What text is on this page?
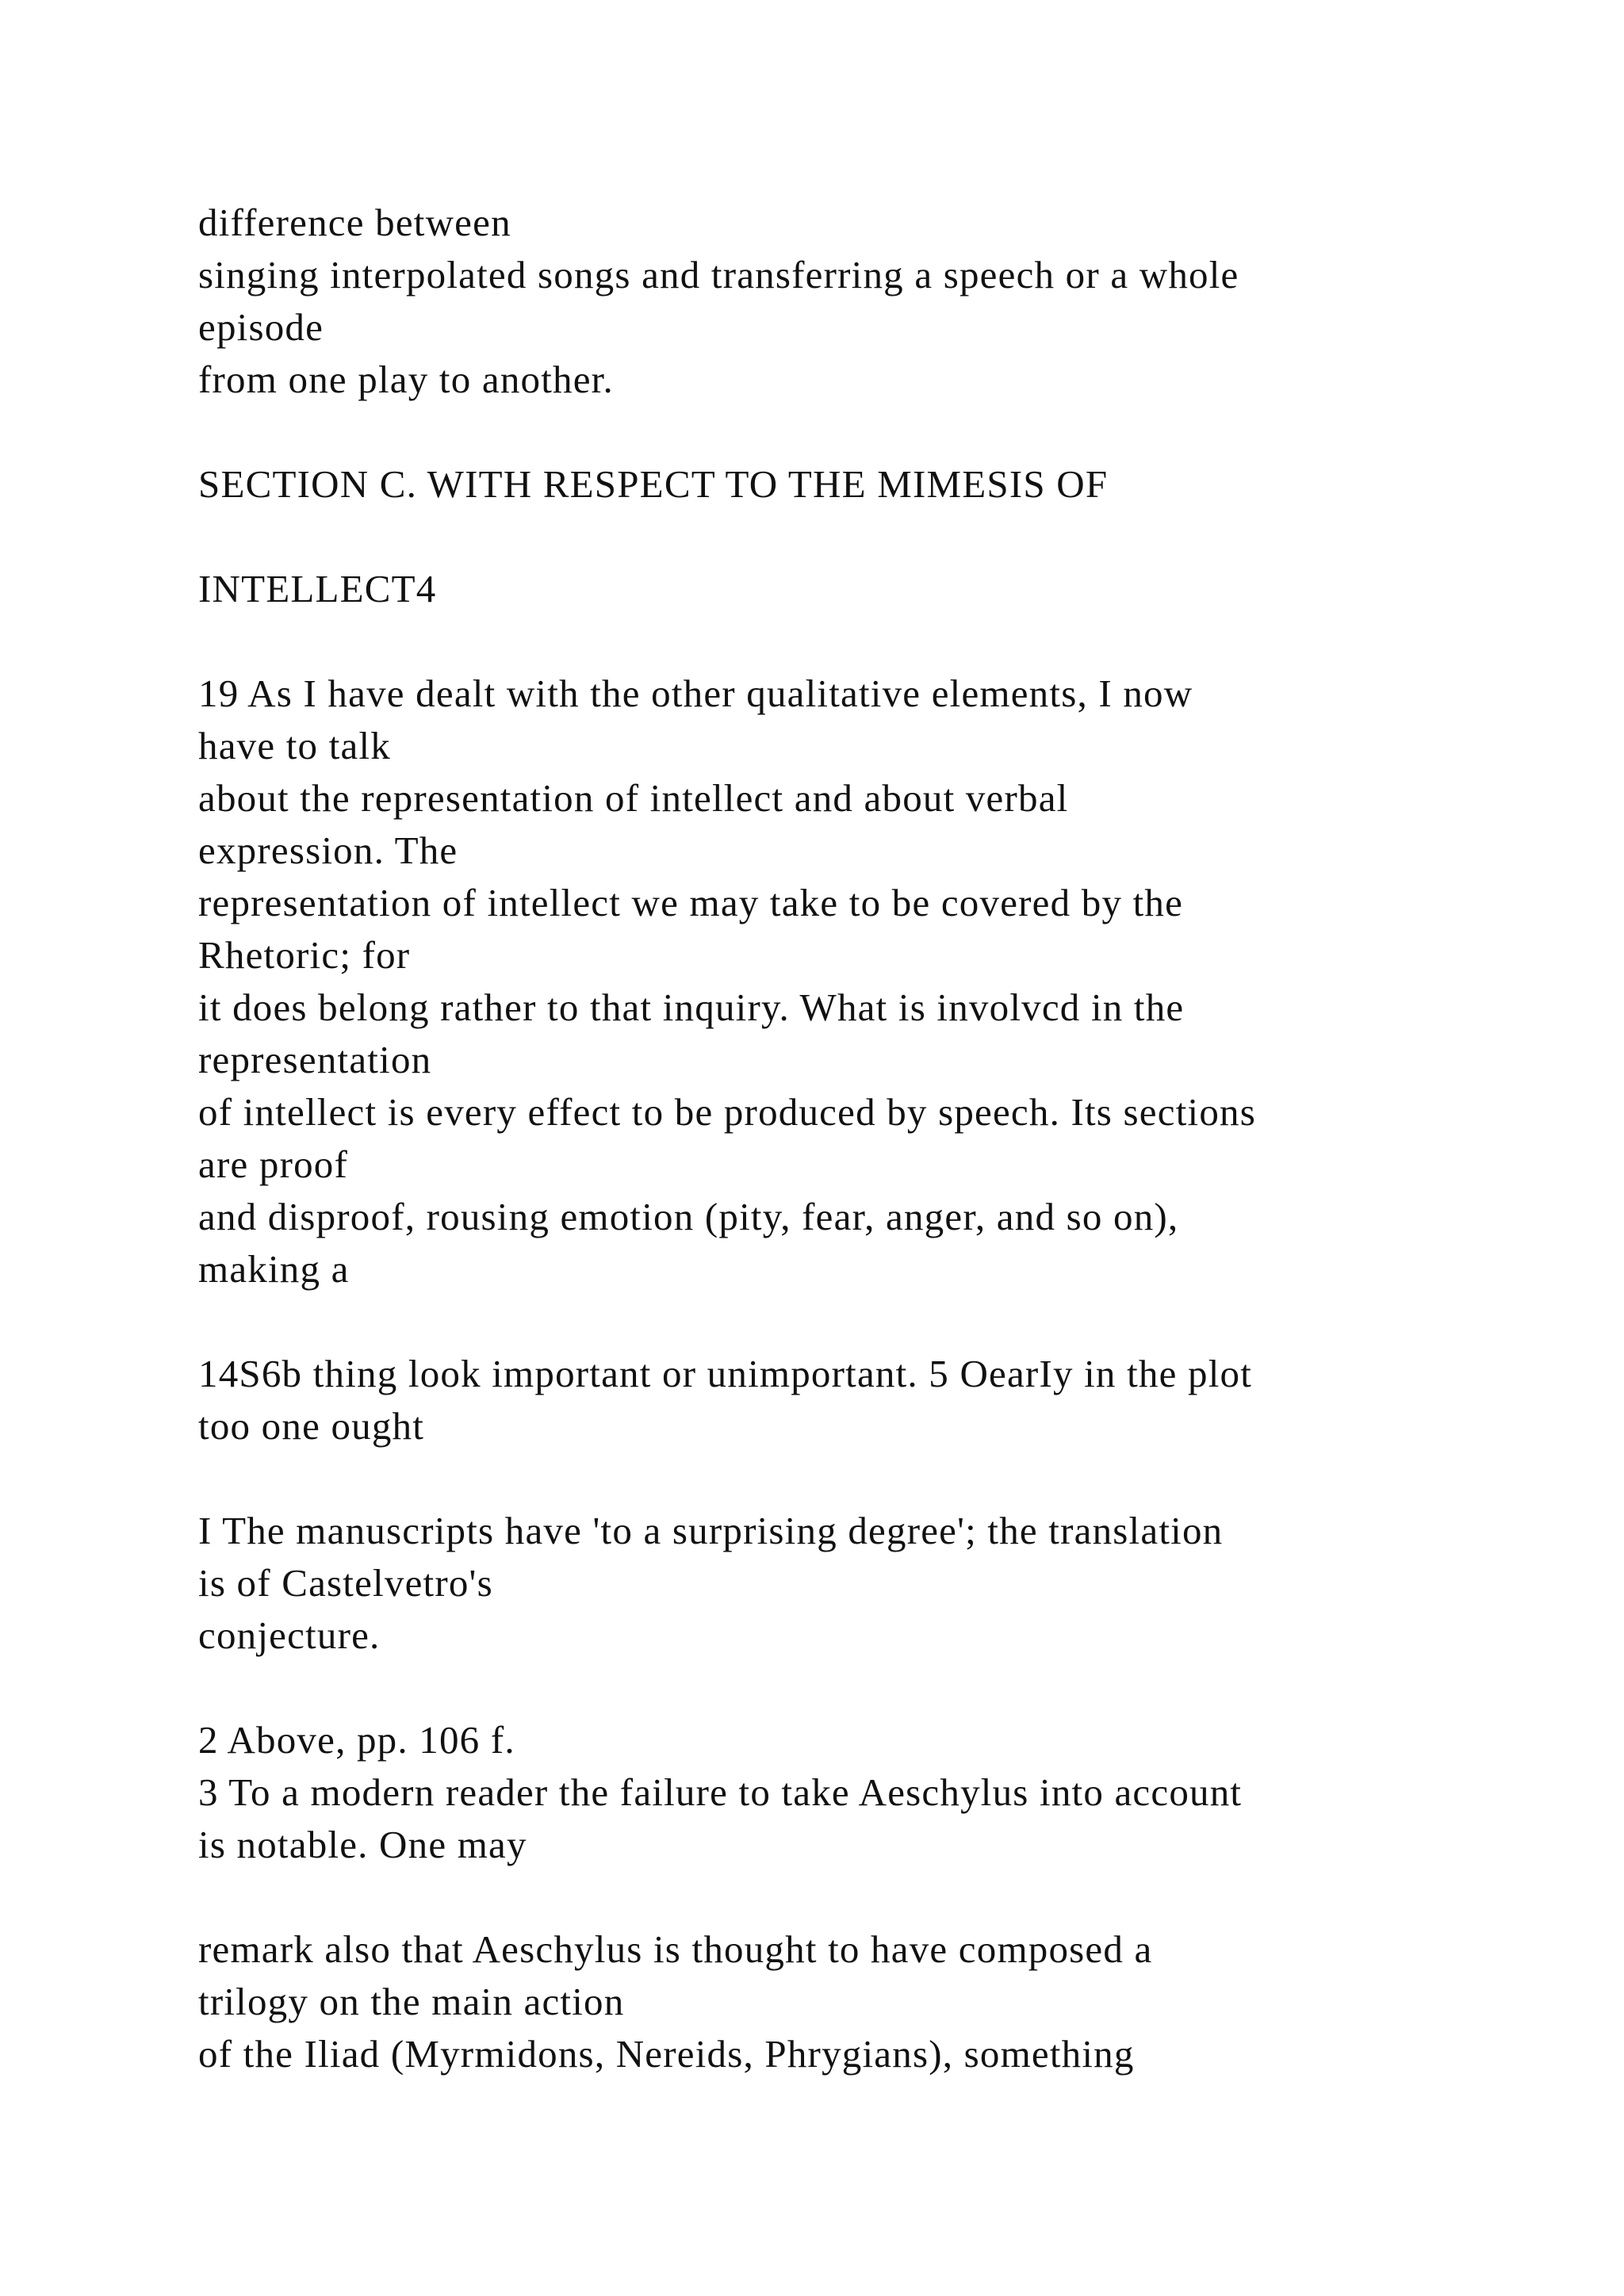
difference between
singing interpolated songs and transferring a speech or a whole
episode
from one play to another.
SECTION C. WITH RESPECT TO THE MIMESIS OF
INTELLECT4
19 As I have dealt with the other qualitative elements, I now
have to talk
about the representation of intellect and about verbal
expression. The
representation of intellect we may take to be covered by the
Rhetoric; for
it does belong rather to that inquiry. What is involvcd in the
representation
of intellect is every effect to be produced by speech. Its sections
are proof
and disproof, rousing emotion (pity, fear, anger, and so on),
making a
14S6b thing look important or unimportant. 5 OearIy in the plot
too one ought
I The manuscripts have 'to a surprising degree'; the translation
is of Castelvetro's
conjecture.
2 Above, pp. 106 f.
3 To a modern reader the failure to take Aeschylus into account
is notable. One may
remark also that Aeschylus is thought to have composed a
trilogy on the main action
of the Iliad (Myrmidons, Nereids, Phrygians), something
